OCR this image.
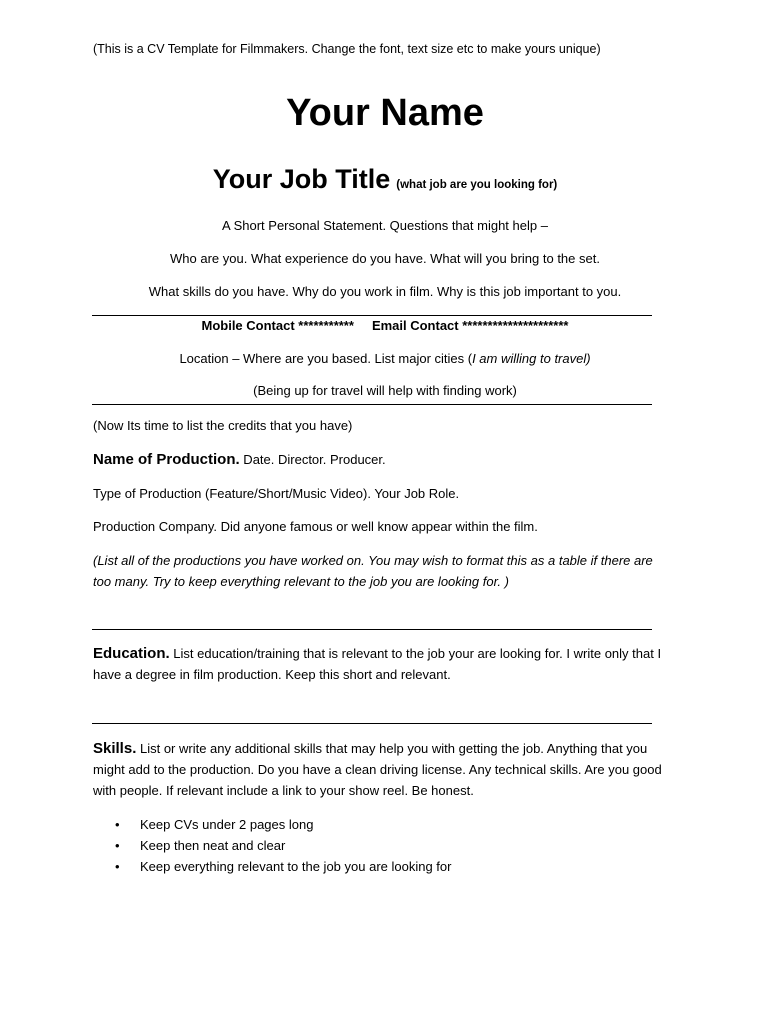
(This is a CV Template for Filmmakers. Change the font, text size etc to make yours unique)
Your Name
Your Job Title (what job are you looking for)
A Short Personal Statement. Questions that might help –
Who are you. What experience do you have. What will you bring to the set.
What skills do you have. Why do you work in film. Why is this job important to you.
Mobile Contact *********** Email Contact *********************
Location – Where are you based. List major cities (I am willing to travel)
(Being up for travel will help with finding work)
(Now Its time to list the credits that you have)
Name of Production. Date. Director. Producer.
Type of Production (Feature/Short/Music Video). Your Job Role.
Production Company. Did anyone famous or well know appear within the film.
(List all of the productions you have worked on. You may wish to format this as a table if there are too many. Try to keep everything relevant to the job you are looking for. )
Education. List education/training that is relevant to the job your are looking for. I write only that I have a degree in film production. Keep this short and relevant.
Skills. List or write any additional skills that may help you with getting the job. Anything that you might add to the production. Do you have a clean driving license. Any technical skills. Are you good with people. If relevant include a link to your show reel. Be honest.
• Keep CVs under 2 pages long
• Keep then neat and clear
• Keep everything relevant to the job you are looking for
